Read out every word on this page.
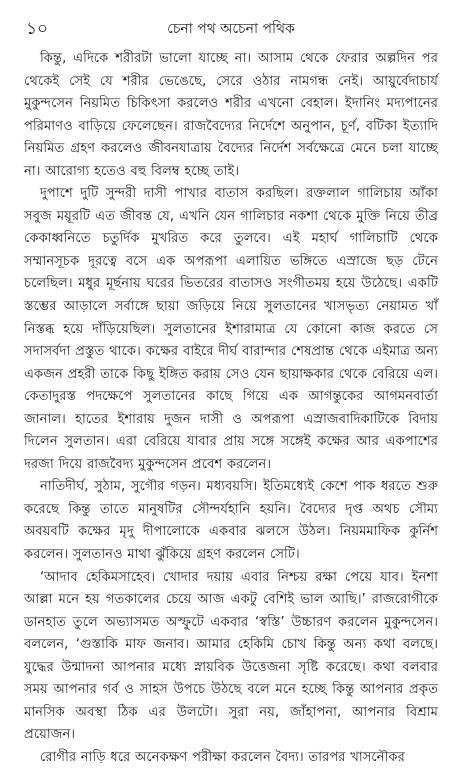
১০	চেনা পথ অচেনা পথিক

কিন্তু, এদিকে শরীরটা ভালো যাচ্ছে না। আসাম থেকে ফেরার অল্পদিন পর থেকেই সেই যে শরীর ভেঙেছে, সেরে ওঠার নামগন্ধ নেই। আয়ুর্বেদাচার্য মুকুন্দসেন নিয়মিত চিকিৎসা করলেও শরীর এখনো বেহাল। ইদানিং মদ্যপানের পরিমাণও বাড়িয়ে ফেলেছেন। রাজবৈদ্যের নির্দেশে অনুপান, চূর্ণ, বটিকা ইত্যাদি নিয়মিত গ্রহণ করলেও জীবনযাত্রায় বৈদ্যের নির্দেশ সর্বক্ষেত্রে মেনে চলা যাচ্ছে না। আরোগ্য হতেও বহু বিলম্ব হচ্ছে তাই।

দুপাশে দুটি সুন্দরী দাসী পাখার বাতাস করছিল। রক্তলাল গালিচায় আঁকা সবুজ ময়ূরটি এত জীবন্ত যে, এখনি যেন গালিচার নকশা থেকে মুক্তি নিয়ে তীব্র কেকাধ্বনিতে চতুর্দিক মুখরিত করে তুলবে। এই মহার্ঘ গালিচাটি থেকে সম্মানসূচক দূরত্বে বসে এক অপরূপা এলায়িত ভঙ্গিতে এস্রাজে ছড় টেনে চলেছিল। মধুর মূর্ছনায় ঘরের ভিতরের বাতাসও সংগীতময় হয়ে উঠেছে। একটি স্তম্ভের আড়ালে সর্বাঙ্গে ছায়া জড়িয়ে নিয়ে সুলতানের খাসভৃত্য নেয়ামত খাঁ নিস্তব্ধ হয়ে দাঁড়িয়েছিল। সুলতানের ইশারামাত্র যে কোনো কাজ করতে সে সদাসর্বদা প্রস্তুত থাকে। কক্ষের বাইরে দীর্ঘ বারান্দার শেষপ্রান্ত থেকে এইমাত্র অন্য একজন প্রহরী তাকে কিছু ইঙ্গিত করায় সেও যেন ছায়াক্ষকার থেকে বেরিয়ে এল। কেতাদুরস্ত পদক্ষেপে সুলতানের কাছে গিয়ে এক আগন্তুকের আগমনবার্তা জানাল। হাতের ইশারায় দুজন দাসী ও অপরূপা এস্রাজবাদিকাটিকে বিদায় দিলেন সুলতান। এরা বেরিয়ে যাবার প্রায় সঙ্গে সঙ্গেই কক্ষের আর একপাশের দরজা দিয়ে রাজবৈদ্য মুকুন্দসেন প্রবেশ করলেন।

নাতিদীর্ঘ, সুঠাম, সুগৌর গড়ন। মধ্যবয়সি। ইতিমধ্যেই কেশে পাক ধরতে শুরু করেছে কিন্তু তাতে মানুষটির সৌন্দর্যহানি হয়নি। বৈদ্যের দৃপ্ত অথচ সৌম্য অবয়বটি কক্ষের মৃদু দীপালোকে একবার ঝলসে উঠল। নিয়মমাফিক কুর্নিশ করলেন। সুলতানও মাথা ঝুঁকিয়ে গ্রহণ করলেন সেটি।

‘আদাব হেকিমসাহেব। খোদার দয়ায় এবার নিশ্চয় রক্ষা পেয়ে যাব। ইনশা আল্লা মনে হয় গতকালের চেয়ে আজ একটু বেশিই ভাল আছি।’ রাজরোগীকে ডানহাত তুলে অভ্যাসমত অস্ফুটে একবার ‘স্বস্তি’ উচ্চারণ করলেন মুকুন্দসেন। বললেন, ‘গুস্তাকি মাফ জনাব। আমার হেকিমি চোখ কিন্তু অন্য কথা বলছে। যুদ্ধের উন্মাদনা আপনার মধ্যে স্নায়বিক উত্তেজনা সৃষ্টি করেছে। কথা বলবার সময় আপনার গর্ব ও সাহস উপচে উঠছে বলে মনে হচ্ছে কিন্তু আপনার প্রকৃত মানসিক অবস্থা ঠিক এর উলটো। সুরা নয়, জাঁহাপনা, আপনার বিশ্রাম প্রয়োজন।

রোগীর নাড়ি ধরে অনেকক্ষণ পরীক্ষা করলেন বৈদ্য। তারপর খাসনৌকর
